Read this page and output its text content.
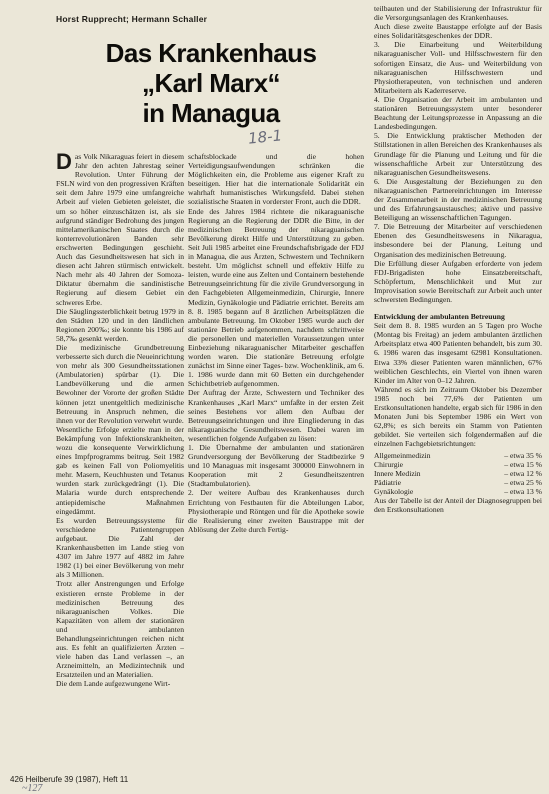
Horst Rupprecht; Hermann Schaller
Das Krankenhaus
„Karl Marx“
in Managua
18-1

Das Volk Nikaraguas feiert in diesem Jahr den achten Jahrestag seiner Revolution. Unter Führung der FSLN wird von den progressiven Kräften seit dem Jahre 1979 eine umfangreiche Arbeit auf vielen Gebieten geleistet, die um so höher einzuschätzen ist, als sie aufgrund ständiger Bedrohung des jungen mittelamerikanischen Staates durch die konterrevolutionären Banden sehr erschwerten Bedingungen geschieht. Auch das Gesundheitswesen hat sich in diesen acht Jahren stürmisch entwickelt. Nach mehr als 40 Jahren der Somoza-Diktatur übernahm die sandinistische Regierung auf diesem Gebiet ein schweres Erbe.

Die Säuglingssterblichkeit betrug 1979 in den Städten 120 und in den ländlichen Regionen 200‰; sie konnte bis 1986 auf 58,7‰ gesenkt werden.

Die medizinische Grundbetreuung verbesserte sich durch die Neueinrichtung von mehr als 300 Gesundheitsstationen (Ambulatorien) spürbar (1). Die Landbevölkerung und die armen Bewohner der Vororte der großen Städte können jetzt unentgeltlich medizinische Betreuung in Anspruch nehmen, die ihnen vor der Revolution verwehrt wurde.

Wesentliche Erfolge erzielte man in der Bekämpfung von Infektionskrankheiten, wozu die konsequente Verwirklichung eines Impfprogramms beitrug. Seit 1982 gab es keinen Fall von Poliomyelitis mehr. Masern, Keuchhusten und Tetanus wurden stark zurückgedrängt (1). Die Malaria wurde durch entsprechende antiepidemische Maßnahmen eingedämmt.

Es wurden Betreuungssysteme für verschiedene Patientengruppen aufgebaut. Die Zahl der Krankenhausbetten im Lande stieg von 4307 im Jahre 1977 auf 4882 im Jahre 1982 (1) bei einer Bevölkerung von mehr als 3 Millionen.

Trotz aller Anstrengungen und Erfolge existieren ernste Probleme in der medizinischen Betreuung des nikaraguanischen Volkes. Die Kapazitäten von allem der stationären und ambulanten Behandlungseinrichtungen reichen nicht aus. Es fehlt an qualifizierten Ärzten – viele haben das Land verlassen –, an Arzneimitteln, an Medizintechnik und Ersatzteilen und an Materialien.

Die dem Lande aufgezwungene Wirt-

schaftsblockade und die hohen Verteidigungsaufwendungen schränken die Möglichkeiten ein, die Probleme aus eigener Kraft zu beseitigen. Hier hat die internationale Solidarität ein wahrhaft humanistisches Wirkungsfeld. Dabei stehen sozialistische Staaten in vorderster Front, auch die DDR.

Ende des Jahres 1984 richtete die nikaraguanische Regierung an die Regierung der DDR die Bitte, in der medizinischen Betreuung der nikaraguanischen Bevölkerung direkt Hilfe und Unterstützung zu geben. Seit Juli 1985 arbeitet eine Freundschaftsbrigade der FDJ in Managua, die aus Ärzten, Schwestern und Technikern besteht. Um möglichst schnell und effektiv Hilfe zu leisten, wurde eine aus Zelten und Containern bestehende Betreuungseinrichtung für die zivile Grundversorgung in den Fachgebieten Allgemeinmedizin, Chirurgie, Innere Medizin, Gynäkologie und Pädiatrie errichtet. Bereits am 8. 8. 1985 begann auf 8 ärztlichen Arbeitsplätzen die ambulante Betreuung. Im Oktober 1985 wurde auch der stationäre Betrieb aufgenommen, nachdem schrittweise die personellen und materiellen Voraussetzungen unter Einbeziehung nikaraguanischer Mitarbeiter geschaffen worden waren. Die stationäre Betreuung erfolgte zunächst im Sinne einer Tages- bzw. Wochenklinik, am 6. 1. 1986 wurde dann mit 60 Betten ein durchgehender Schichtbetrieb aufgenommen.

Der Auftrag der Ärzte, Schwestern und Techniker des Krankenhauses „Karl Marx“ umfaßte in der ersten Zeit seines Bestehens vor allem den Aufbau der Betreuungseinrichtungen und ihre Eingliederung in das nikaraguanische Gesundheitswesen. Dabei waren im wesentlichen folgende Aufgaben zu lösen:

1. Die Übernahme der ambulanten und stationären Grundversorgung der Bevölkerung der Stadtbezirke 9 und 10 Managuas mit insgesamt 300000 Einwohnern in Kooperation mit 2 Gesundheitszentren (Stadtambulatorien).

2. Der weitere Aufbau des Krankenhauses durch Errichtung von Festbauten für die Abteilungen Labor, Physiotherapie und Röntgen und für die Apotheke sowie die Realisierung einer zweiten Baustrappe mit der Ablösung der Zelte durch Fertig-

teilbauten und der Stabilisierung der Infrastruktur für die Versorgungsanlagen des Krankenhauses.

Auch diese zweite Baustappe erfolgte auf der Basis eines Solidaritätsgeschenkes der DDR.

3. Die Einarbeitung und Weiterbildung nikaraguanischer Voll- und Hilfsschwestern für den sofortigen Einsatz, die Aus- und Weiterbildung von nikaraguanischen Hilfsschwestern und Physiotherapeuten, von technischen und anderen Mitarbeitern als Kaderreserve.

4. Die Organisation der Arbeit im ambulanten und stationären Betreuungssystem unter besonderer Beachtung der Leitungsprozesse in Anpassung an die Landesbedingungen.

5. Die Entwicklung praktischer Methoden der Stillstationen in allen Bereichen des Krankenhauses als Grundlage für die Planung und Leitung und für die wissenschaftliche Arbeit zur Unterstützung des nikaraguanischen Gesundheitswesens.

6. Die Ausgestaltung der Beziehungen zu den nikaraguanischen Partnereinrichtungen im Interesse der Zusammenarbeit in der medizinischen Betreuung und des Erfahrungsaustausches; aktive und passive Beteiligung an wissenschaftlichen Tagungen.

7. Die Betreuung der Mitarbeiter auf verschiedenen Ebenen des Gesundheitswesens in Nikaragua, insbesondere bei der Planung, Leitung und Organisation des medizinischen Betreuung.

Die Erfüllung dieser Aufgaben erforderte von jedem FDJ-Brigadisten hohe Einsatzbereitschaft, Schöpfertum, Menschlichkeit und Mut zur Improvisation sowie Bereitschaft zur Arbeit auch unter schwersten Bedingungen.

Entwicklung der ambulanten Betreuung

Seit dem 8. 8. 1985 wurden an 5 Tagen pro Woche (Montag bis Freitag) an jedem ambulanten ärztlichen Arbeitsplatz etwa 400 Patienten behandelt, bis zum 30. 6. 1986 waren das insgesamt 62981 Konsultationen. Etwa 33% dieser Patienten waren männlichen, 67% weiblichen Geschlechts, ein Viertel von ihnen waren Kinder im Alter von 0–12 Jahren.

Während es sich im Zeitraum Oktober bis Dezember 1985 noch bei 77,6% der Patienten um Erstkonsultationen handelte, ergab sich für 1986 in den Monaten Juni bis September 1986 ein Wert von 62,8%; es sich bereits ein Stamm von Patienten gebildet. Sie verteilen sich folgendermaßen auf die einzelnen Fachgebietsrichtungen:

Allgemeinmedizin	– etwa 35 %
Chirurgie	– etwa 15 %
Innere Medizin	– etwa 12 %
Pädiatrie	– etwa 25 %
Gynäkologie	– etwa 13 %

Aus der Tabelle ist der Anteil der Diagnosegruppen bei den Erstkonsultationen

426 Heilberufe 39 (1987), Heft 11
~127
